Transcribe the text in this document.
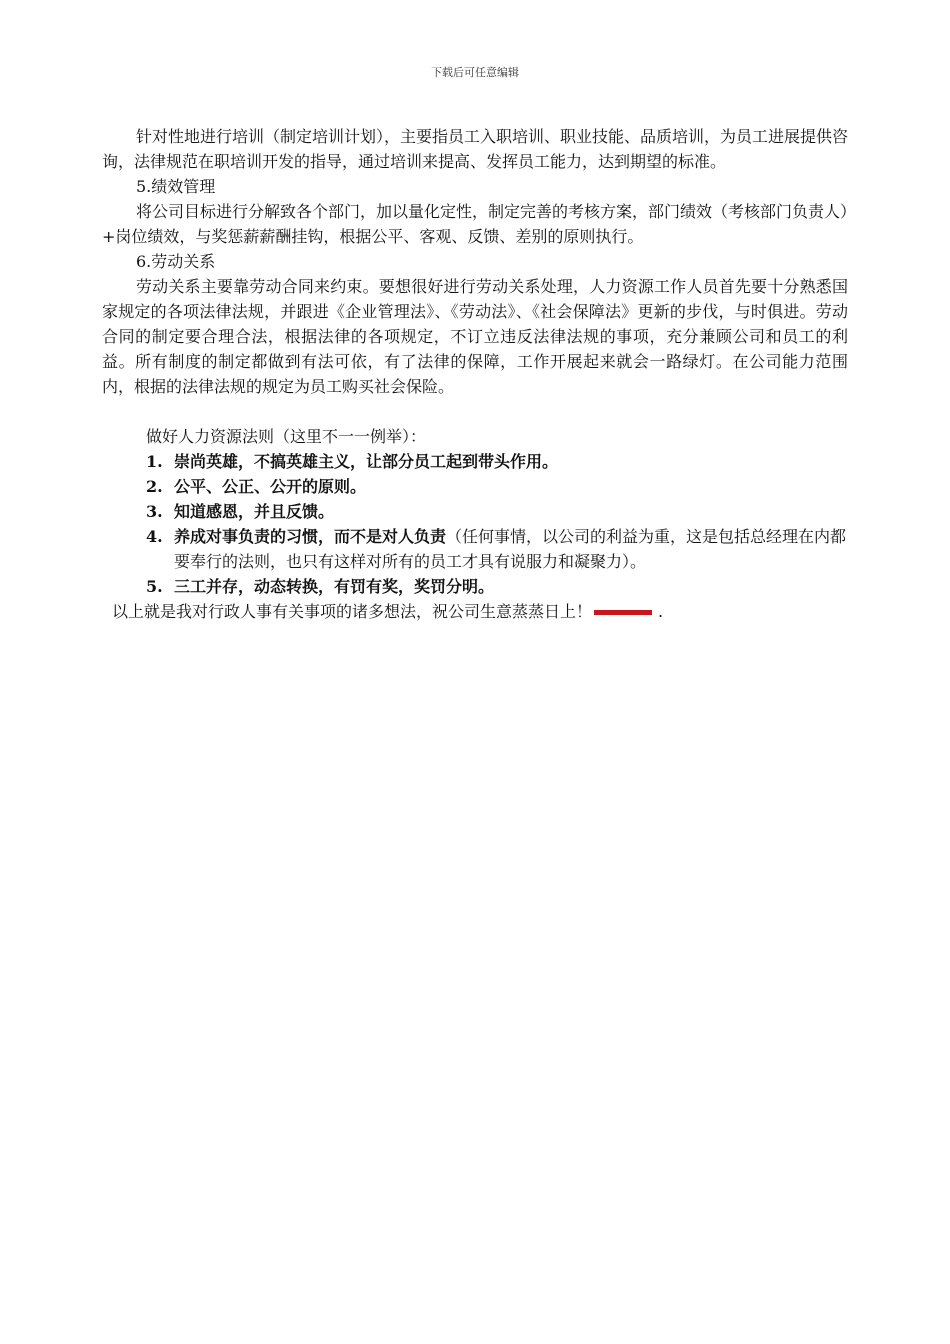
下载后可任意编辑

针对性地进行培训（制定培训计划），主要指员工入职培训、职业技能、品质培训，为员工进展提供咨询，法律规范在职培训开发的指导，通过培训来提高、发挥员工能力，达到期望的标准。

5.绩效管理

将公司目标进行分解致各个部门，加以量化定性，制定完善的考核方案，部门绩效（考核部门负责人）+岗位绩效，与奖惩薪薪酬挂钩，根据公平、客观、反馈、差别的原则执行。

6.劳动关系

劳动关系主要靠劳动合同来约束。要想很好进行劳动关系处理，人力资源工作人员首先要十分熟悉国家规定的各项法律法规，并跟进《企业管理法》、《劳动法》、《社会保障法》更新的步伐，与时俱进。劳动合同的制定要合理合法，根据法律的各项规定，不订立违反法律法规的事项，充分兼顾公司和员工的利益。所有制度的制定都做到有法可依，有了法律的保障，工作开展起来就会一路绿灯。在公司能力范围内，根据的法律法规的规定为员工购买社会保险。

做好人力资源法则（这里不一一例举）：

1. 崇尚英雄，不搞英雄主义，让部分员工起到带头作用。
2. 公平、公正、公开的原则。
3. 知道感恩，并且反馈。
4. 养成对事负责的习惯，而不是对人负责（任何事情，以公司的利益为重，这是包括总经理在内都要奉行的法则，也只有这样对所有的员工才具有说服力和凝聚力）。
5. 三工并存，动态转换，有罚有奖，奖罚分明。

以上就是我对行政人事有关事项的诸多想法，祝公司生意蒸蒸日上！	.
